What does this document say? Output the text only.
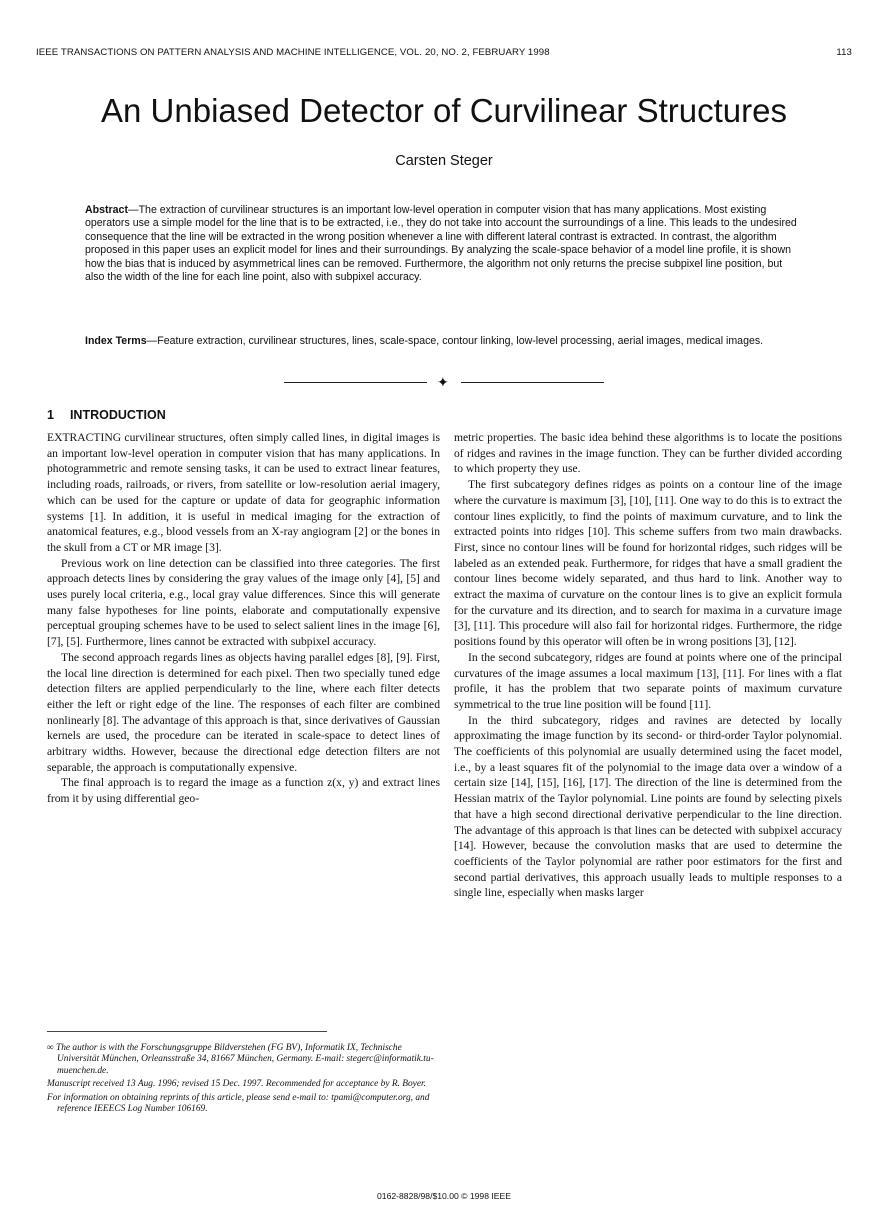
IEEE TRANSACTIONS ON PATTERN ANALYSIS AND MACHINE INTELLIGENCE, VOL. 20, NO. 2, FEBRUARY 1998	113
An Unbiased Detector of Curvilinear Structures
Carsten Steger

Abstract—The extraction of curvilinear structures is an important low-level operation in computer vision that has many applications. Most existing operators use a simple model for the line that is to be extracted, i.e., they do not take into account the surroundings of a line. This leads to the undesired consequence that the line will be extracted in the wrong position whenever a line with different lateral contrast is extracted. In contrast, the algorithm proposed in this paper uses an explicit model for lines and their surroundings. By analyzing the scale-space behavior of a model line profile, it is shown how the bias that is induced by asymmetrical lines can be removed. Furthermore, the algorithm not only returns the precise subpixel line position, but also the width of the line for each line point, also with subpixel accuracy.

Index Terms—Feature extraction, curvilinear structures, lines, scale-space, contour linking, low-level processing, aerial images, medical images.

✦
1 INTRODUCTION

EXTRACTING curvilinear structures, often simply called lines, in digital images is an important low-level operation in computer vision that has many applications. In photogrammetric and remote sensing tasks, it can be used to extract linear features, including roads, railroads, or rivers, from satellite or low-resolution aerial imagery, which can be used for the capture or update of data for geographic information systems [1]. In addition, it is useful in medical imaging for the extraction of anatomical features, e.g., blood vessels from an X-ray angiogram [2] or the bones in the skull from a CT or MR image [3].

Previous work on line detection can be classified into three categories. The first approach detects lines by considering the gray values of the image only [4], [5] and uses purely local criteria, e.g., local gray value differences. Since this will generate many false hypotheses for line points, elaborate and computationally expensive perceptual grouping schemes have to be used to select salient lines in the image [6], [7], [5]. Furthermore, lines cannot be extracted with subpixel accuracy.

The second approach regards lines as objects having parallel edges [8], [9]. First, the local line direction is determined for each pixel. Then two specially tuned edge detection filters are applied perpendicularly to the line, where each filter detects either the left or right edge of the line. The responses of each filter are combined nonlinearly [8]. The advantage of this approach is that, since derivatives of Gaussian kernels are used, the procedure can be iterated in scale-space to detect lines of arbitrary widths. However, because the directional edge detection filters are not separable, the approach is computationally expensive.

The final approach is to regard the image as a function z(x, y) and extract lines from it by using differential geo-

metric properties. The basic idea behind these algorithms is to locate the positions of ridges and ravines in the image function. They can be further divided according to which property they use.

The first subcategory defines ridges as points on a contour line of the image where the curvature is maximum [3], [10], [11]. One way to do this is to extract the contour lines explicitly, to find the points of maximum curvature, and to link the extracted points into ridges [10]. This scheme suffers from two main drawbacks. First, since no contour lines will be found for horizontal ridges, such ridges will be labeled as an extended peak. Furthermore, for ridges that have a small gradient the contour lines become widely separated, and thus hard to link. Another way to extract the maxima of curvature on the contour lines is to give an explicit formula for the curvature and its direction, and to search for maxima in a curvature image [3], [11]. This procedure will also fail for horizontal ridges. Furthermore, the ridge positions found by this operator will often be in wrong positions [3], [12].

In the second subcategory, ridges are found at points where one of the principal curvatures of the image assumes a local maximum [13], [11]. For lines with a flat profile, it has the problem that two separate points of maximum curvature symmetrical to the true line position will be found [11].

In the third subcategory, ridges and ravines are detected by locally approximating the image function by its second- or third-order Taylor polynomial. The coefficients of this polynomial are usually determined using the facet model, i.e., by a least squares fit of the polynomial to the image data over a window of a certain size [14], [15], [16], [17]. The direction of the line is determined from the Hessian matrix of the Taylor polynomial. Line points are found by selecting pixels that have a high second directional derivative perpendicular to the line direction. The advantage of this approach is that lines can be detected with subpixel accuracy [14]. However, because the convolution masks that are used to determine the coefficients of the Taylor polynomial are rather poor estimators for the first and second partial derivatives, this approach usually leads to multiple responses to a single line, especially when masks larger

∞ The author is with the Forschungsgruppe Bildverstehen (FG BV), Informatik IX, Technische Universität München, Orleansstraße 34, 81667 München, Germany. E-mail: stegerc@informatik.tu-muenchen.de.

Manuscript received 13 Aug. 1996; revised 15 Dec. 1997. Recommended for acceptance by R. Boyer.

For information on obtaining reprints of this article, please send e-mail to: tpami@computer.org, and reference IEEECS Log Number 106169.

0162-8828/98/$10.00 © 1998 IEEE
